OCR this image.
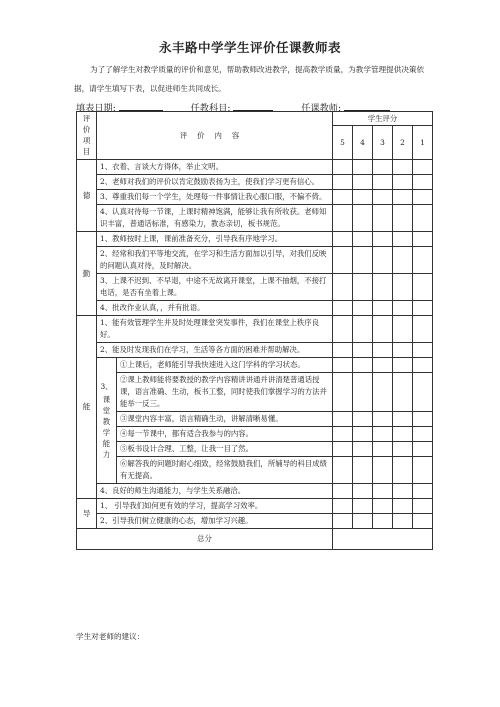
永丰路中学学生评价任课教师表
为了了解学生对教学质量的评价和意见，帮助教师改进教学，提高教学质量，为教学管理提供决策依据，请学生填写下表，以促进师生共同成长。
填表日期:	任教科目:	任课教师:
评价项目	评价内容		学生评分				
			5	4	3	2	1
德	1、衣着、言谈大方得体，举止文明。						
	2、老师对我们的评价以肯定鼓励表扬为主，使我们学习更有信心。						
	3、尊重我们每一个学生，处理每一件事情让我心服口服，不偏不倚。						
	4、认真对待每一节课，上课时精神饱满，能够让我有所收获。老师知识丰富，普通话标准，有感染力，教态亲切，板书规范。						
勤	1、教师按时上课，课前准备充分，引导我有序地学习。						
	2、经常和我们平等地交流，在学习和生活方面加以引导，对我们反映的问题认真对待，及时解决。						
	3、上课不迟到、不早退，中途不无故离开课堂，上课不抽烟，不接打电话，是否有坐着上课。						
	4、批改作业认真，，并有批语。						
能	1、能有效管理学生并及时处理课堂突发事件，我们在课堂上秩序良好。						
	2、能及时发现我们在学习，生活等各方面的困难并帮助解决。						
	3、
课堂教学能力	①上课后，老师能引导我快速进入这门学科的学习状态。					
		②课上教师能将要教授的教学内容精讲讲通并讲清楚普通话授课，语言准确、生动，板书工整，同时使我们掌握学习的方法并能举一反三。					
		③课堂内容丰富，语言精确生动，讲解清晰易懂。					
		④每一节课中，都有适合我参与的内容。					
		⑤板书设计合理、工整，让我一目了然。					
		⑥解答我的问题时耐心细致，经常鼓励我们，所辅导的科目成绩有无提高。					
	4、良好的师生沟通能力，与学生关系融洽。						
导	1、 引导我们如何更有效的学习，提高学习效率。						
	2、引导我们树立健康的心态，增加学习兴趣。						
总分							
学生对老师的建议：
